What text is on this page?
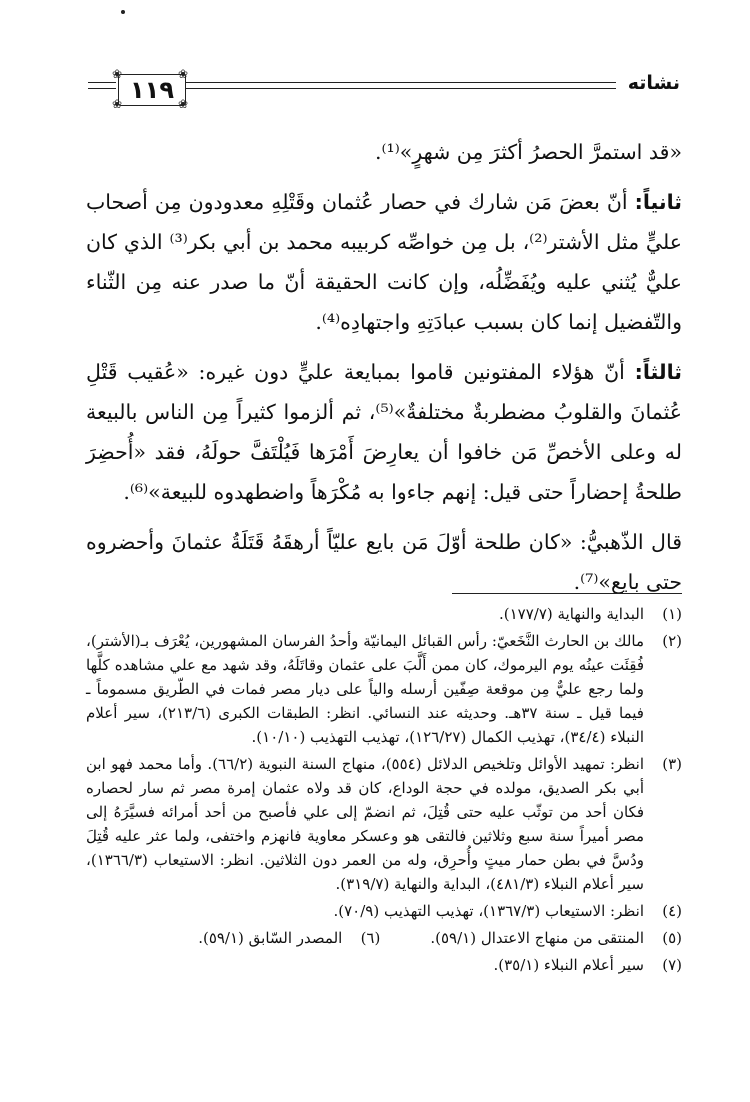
١١٩
❀	❀
❀	❀
نشاته

«قد استمرَّ الحصرُ أكثرَ مِن شهرٍ»⁽¹⁾.

ثانياً: أنّ بعضَ مَن شارك في حصار عُثمان وقَتْلِهِ معدودون مِن أصحاب عليٍّ مثل الأشتر⁽²⁾، بل مِن خواصِّه كربيبه محمد بن أبي بكر⁽³⁾ الذي كان عليٌّ يُثني عليه ويُفَضِّلُه، وإن كانت الحقيقة أنّ ما صدر عنه مِن الثّناء والتّفضيل إنما كان بسبب عبادَتِهِ واجتهادِه⁽⁴⁾.

ثالثاً: أنّ هؤلاء المفتونين قاموا بمبايعة عليٍّ دون غيره: «عُقيب قَتْلِ عُثمانَ والقلوبُ مضطربةٌ مختلفةٌ»⁽⁵⁾، ثم ألزموا كثيراً مِن الناس بالبيعة له وعلى الأخصِّ مَن خافوا أن يعارِضَ أَمْرَها فَيُلْتَفَّ حولَهُ، فقد «أُحضِرَ طلحةُ إحضاراً حتى قيل: إنهم جاءوا به مُكْرَهاً واضطهدوه للبيعة»⁽⁶⁾.

قال الذّهبيُّ: «كان طلحة أوّلَ مَن بايع عليّاً أرهقَهُ قَتَلَةُ عثمانَ وأحضروه حتى بايع»⁽⁷⁾.

(١)
البداية والنهاية (١٧٧/٧).
(٢)
مالك بن الحارث النَّخَعيّ: رأس القبائل اليمانيّة وأحدُ الفرسان المشهورين، يُعْرَف بـ(الأشتر)، فُقِئَت عينُه يوم اليرموك، كان ممن أَلَّبَ على عثمان وقاتَلَهُ، وقد شهد مع علي مشاهده كلَّها ولما رجع عليٌّ مِن موقعة صِفّين أرسله والياً على ديار مصر فمات في الطّريق مسموماً ـ فيما قيل ـ سنة ٣٧هـ. وحديثه عند النسائي. انظر: الطبقات الكبرى (٢١٣/٦)، سير أعلام النبلاء (٣٤/٤)، تهذيب الكمال (١٢٦/٢٧)، تهذيب التهذيب (١٠/١٠).
(٣)
انظر: تمهيد الأوائل وتلخيص الدلائل (٥٥٤)، منهاج السنة النبوية (٦٦/٢). وأما محمد فهو ابن أبي بكر الصديق، مولده في حجة الوداع، كان قد ولاه عثمان إمرة مصر ثم سار لحصاره فكان أحد من توثّب عليه حتى قُتِلَ، ثم انضمّ إلى علي فأصبح من أحد أمرائه فسيَّرَهُ إلى مصر أميراً سنة سبع وثلاثين فالتقى هو وعسكر معاوية فانهزم واختفى، ولما عثر عليه قُتِلَ ودُسَّ في بطن حمار ميتٍ وأُحرِق، وله من العمر دون الثلاثين. انظر: الاستيعاب (١٣٦٦/٣)، سير أعلام النبلاء (٤٨١/٣)، البداية والنهاية (٣١٩/٧).
(٤)
انظر: الاستيعاب (١٣٦٧/٣)، تهذيب التهذيب (٧٠/٩).
(٥)
المنتقى من منهاج الاعتدال (٥٩/١).
(٦)
المصدر السّابق (٥٩/١).
(٧)
سير أعلام النبلاء (٣٥/١).
